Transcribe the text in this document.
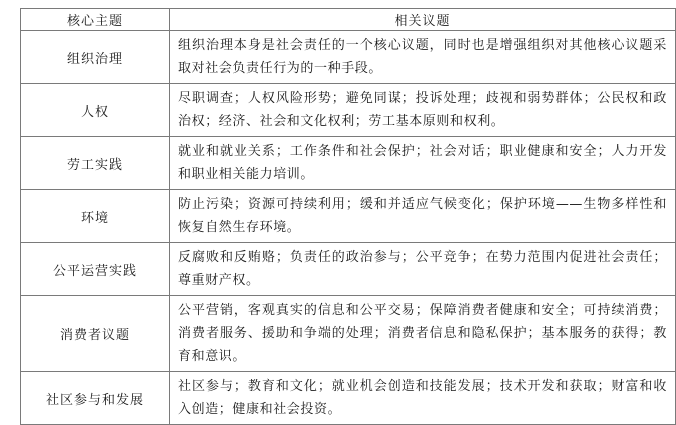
核心主题	相关议题
组织治理	组织治理本身是社会责任的一个核心议题，同时也是增强组织对其他核心议题采取对社会负责任行为的一种手段。
人权	尽职调查；人权风险形势；避免同谋；投诉处理；歧视和弱势群体；公民权和政治权；经济、社会和文化权利；劳工基本原则和权利。
劳工实践	就业和就业关系；工作条件和社会保护；社会对话；职业健康和安全；人力开发和职业相关能力培训。
环境	防止污染；资源可持续利用；缓和并适应气候变化；保护环境——生物多样性和恢复自然生存环境。
公平运营实践	反腐败和反贿赂；负责任的政治参与；公平竞争；在势力范围内促进社会责任；尊重财产权。
消费者议题	公平营销，客观真实的信息和公平交易；保障消费者健康和安全；可持续消费；消费者服务、援助和争端的处理；消费者信息和隐私保护；基本服务的获得；教育和意识。
社区参与和发展	社区参与；教育和文化；就业机会创造和技能发展；技术开发和获取；财富和收入创造；健康和社会投资。
